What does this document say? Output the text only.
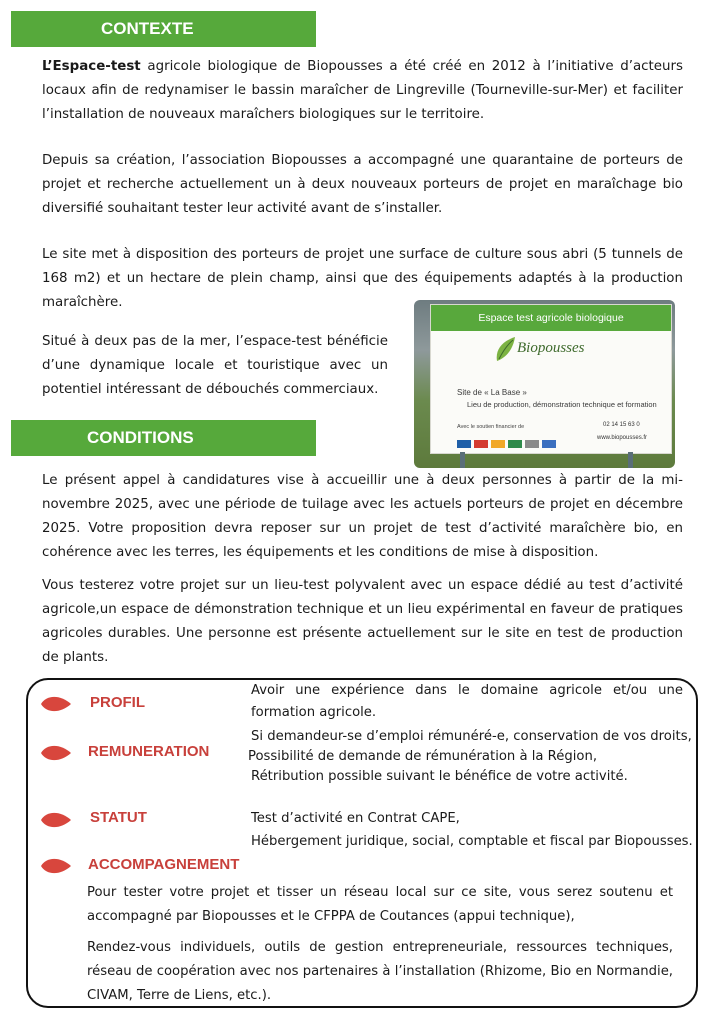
CONTEXTE

L’Espace-test agricole biologique de Biopousses a été créé en 2012 à l’initiative d’acteurs locaux afin de redynamiser le bassin maraîcher de Lingreville (Tourneville-sur-Mer) et faciliter l’installation de nouveaux maraîchers biologiques sur le territoire.

Depuis sa création, l’association Biopousses a accompagné une quarantaine de porteurs de projet et recherche actuellement un à deux nouveaux porteurs de projet en maraîchage bio diversifié souhaitant tester leur activité avant de s’installer.

Le site met à disposition des porteurs de projet une surface de culture sous abri (5 tunnels de 168 m2) et un hectare de plein champ, ainsi que des équipements adaptés à la production maraîchère.

Situé à deux pas de la mer, l’espace-test bénéficie d’une dynamique locale et touristique avec un potentiel intéressant de débouchés commerciaux.

Espace test agricole biologique
Biopousses
Site de « La Base »
Lieu de production, démonstration technique et formation
Avec le soutien financier de	02 14 15 63 0
www.biopousses.fr
CONDITIONS

Le présent appel à candidatures vise à accueillir une à deux personnes à partir de la mi-novembre 2025, avec une période de tuilage avec les actuels porteurs de projet en décembre 2025. Votre proposition devra reposer sur un projet de test d’activité maraîchère bio, en cohérence avec les terres, les équipements et les conditions de mise à disposition.

Vous testerez votre projet sur un lieu-test polyvalent avec un espace dédié au test d’activité agricole,un espace de démonstration technique et un lieu expérimental en faveur de pratiques agricoles durables. Une personne est présente actuellement sur le site en test de production de plants.

PROFIL

Avoir une expérience dans le domaine agricole et/ou une

formation agricole.

REMUNERATION

Si demandeur-se d’emploi rémunéré-e, conservation de vos droits,

Possibilité de demande de rémunération à la Région,

Rétribution possible suivant le bénéfice de votre activité.

STATUT	Test d’activité en Contrat CAPE,

Hébergement juridique, social, comptable et fiscal par Biopousses.

ACCOMPAGNEMENT

Pour tester votre projet et tisser un réseau local sur ce site, vous serez soutenu et accompagné par Biopousses et le CFPPA de Coutances (appui technique),

Rendez-vous individuels, outils de gestion entrepreneuriale, ressources techniques, réseau de coopération avec nos partenaires à l’installation (Rhizome, Bio en Normandie, CIVAM, Terre de Liens, etc.).
